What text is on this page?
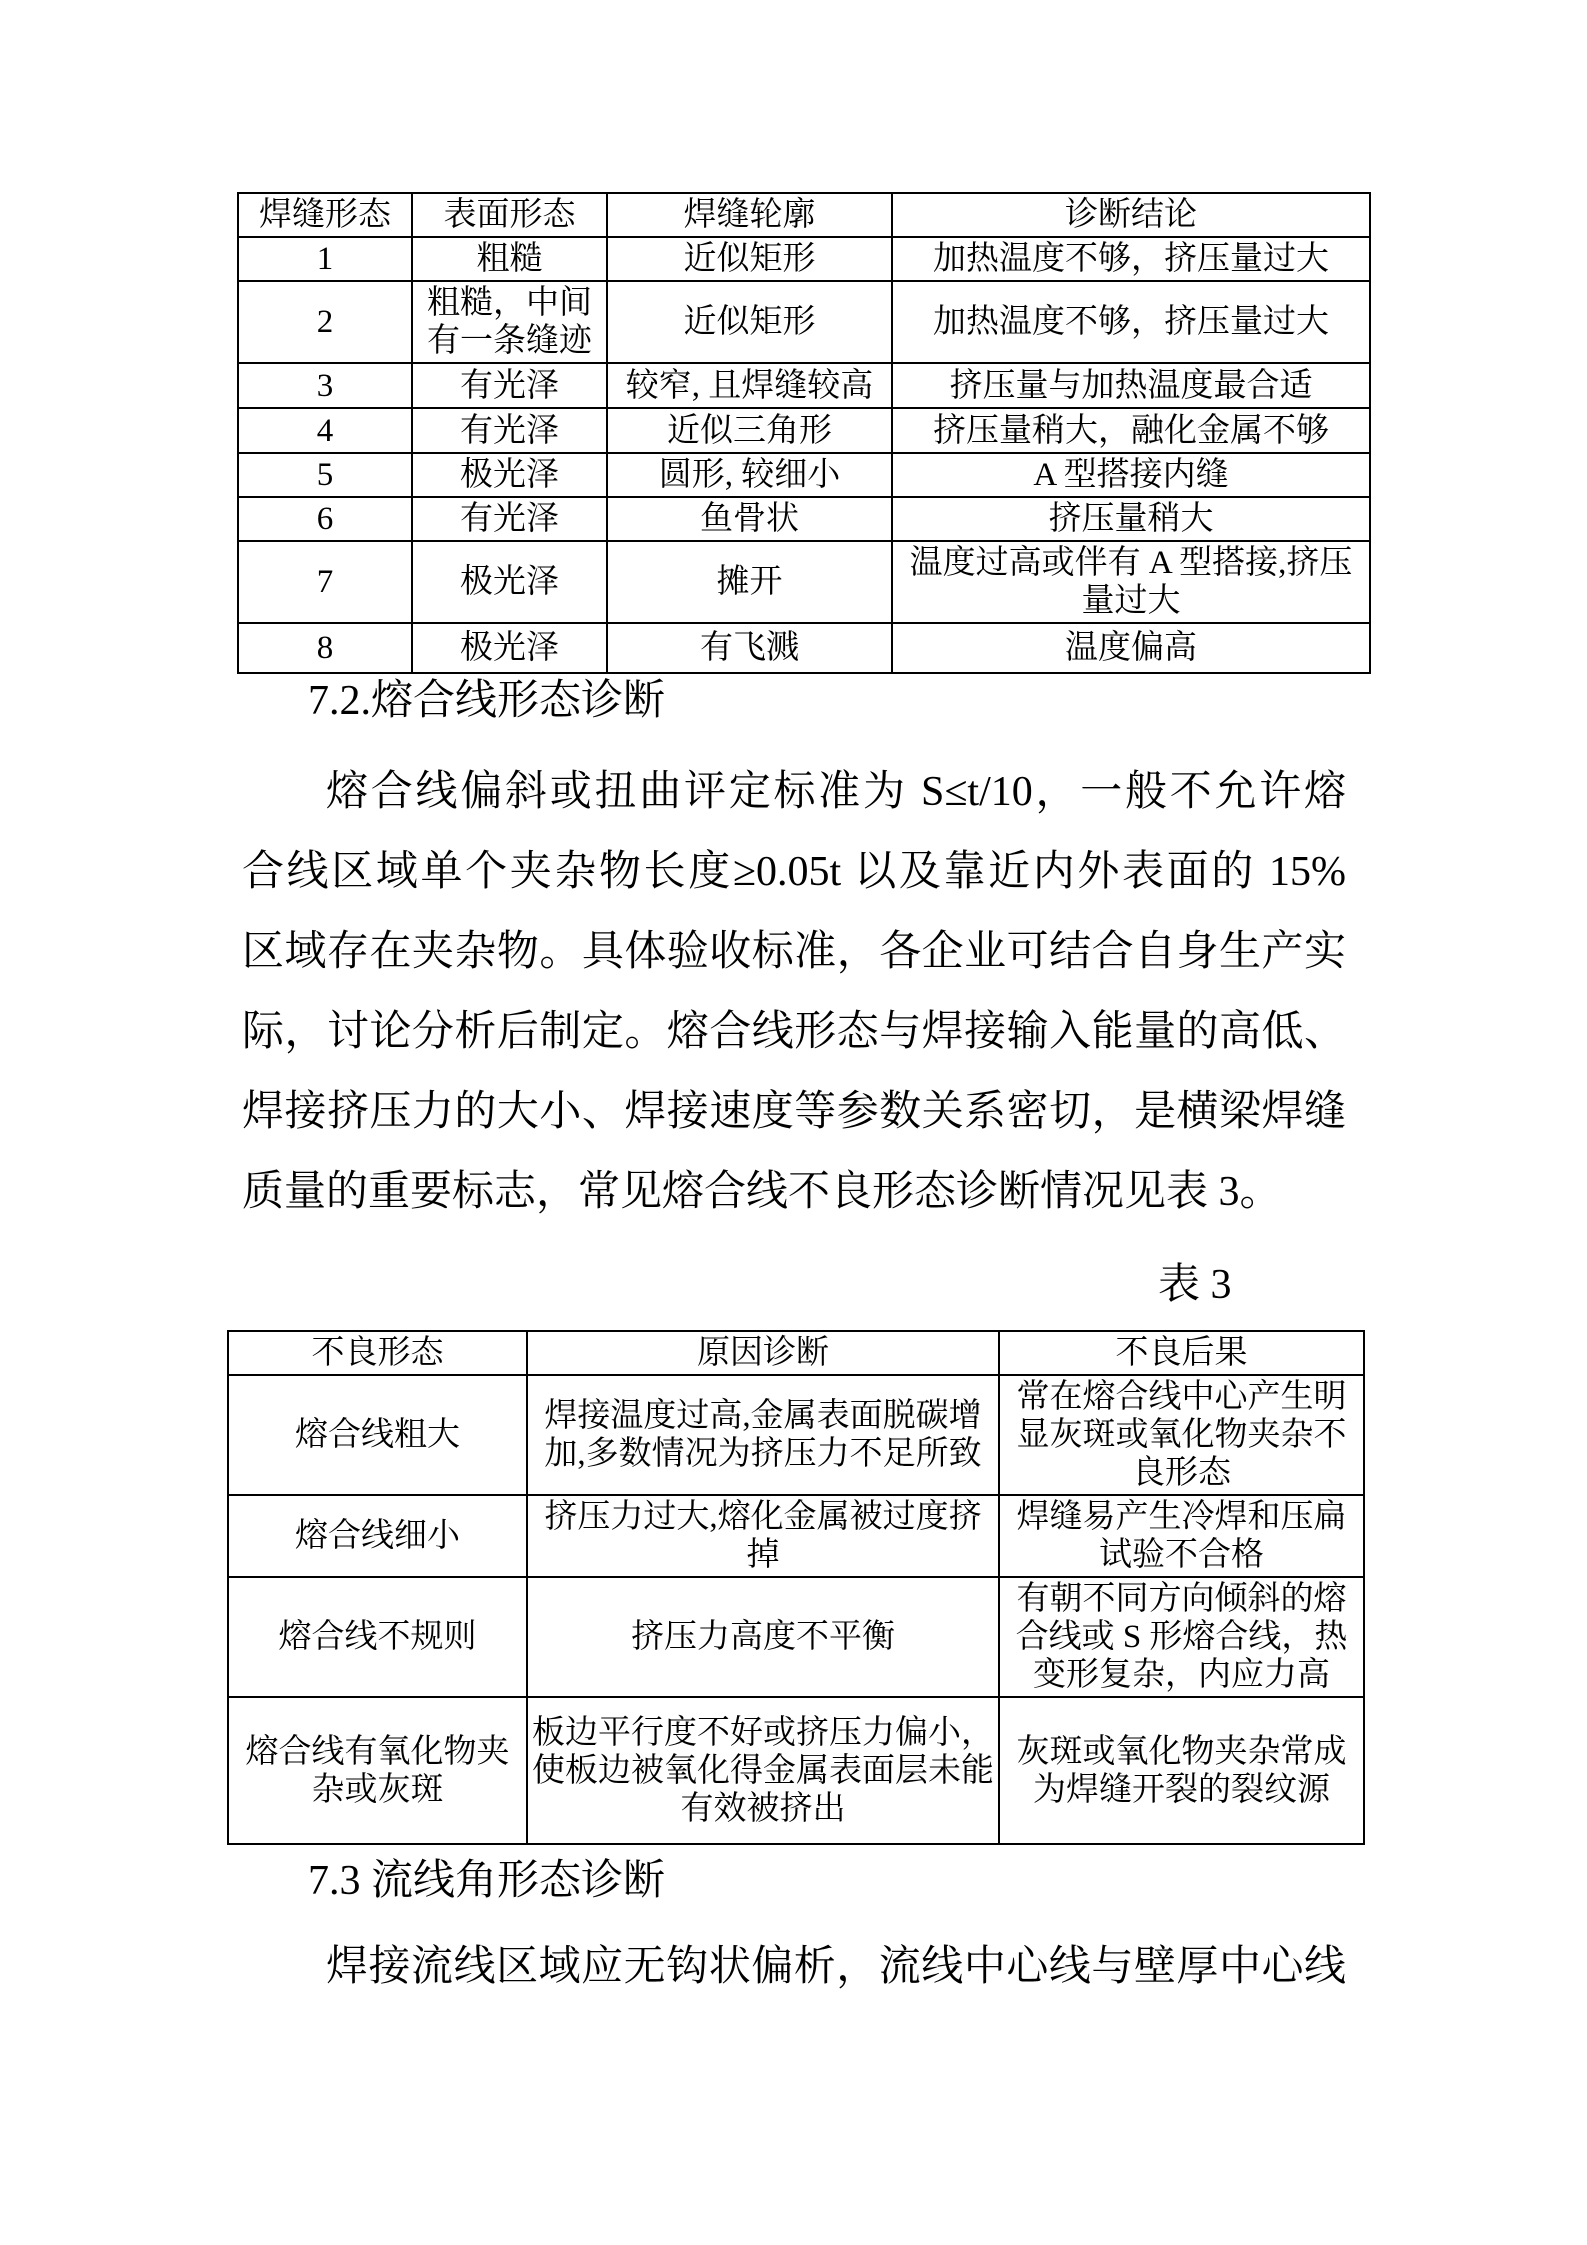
焊缝形态	表面形态	焊缝轮廓	诊断结论
1	粗糙	近似矩形	加热温度不够，挤压量过大
2	粗糙，中间有一条缝迹	近似矩形	加热温度不够，挤压量过大
3	有光泽	较窄, 且焊缝较高	挤压量与加热温度最合适
4	有光泽	近似三角形	挤压量稍大，融化金属不够
5	极光泽	圆形, 较细小	A 型搭接内缝
6	有光泽	鱼骨状	挤压量稍大
7	极光泽	摊开	温度过高或伴有 A 型搭接,挤压量过大
8	极光泽	有飞溅	温度偏高
7.2.熔合线形态诊断
熔合线偏斜或扭曲评定标准为 S≤t/10，一般不允许熔
合线区域单个夹杂物长度≥0.05t 以及靠近内外表面的 15%
区域存在夹杂物。具体验收标准，各企业可结合自身生产实
际，讨论分析后制定。熔合线形态与焊接输入能量的高低、
焊接挤压力的大小、焊接速度等参数关系密切，是横梁焊缝
质量的重要标志，常见熔合线不良形态诊断情况见表 3。
表 3
不良形态	原因诊断	不良后果
熔合线粗大	焊接温度过高,金属表面脱碳增加,多数情况为挤压力不足所致	常在熔合线中心产生明显灰斑或氧化物夹杂不良形态
熔合线细小	挤压力过大,熔化金属被过度挤掉	焊缝易产生冷焊和压扁试验不合格
熔合线不规则	挤压力高度不平衡	有朝不同方向倾斜的熔合线或 S 形熔合线，热变形复杂，内应力高
熔合线有氧化物夹杂或灰斑	板边平行度不好或挤压力偏小，使板边被氧化得金属表面层未能有效被挤出	灰斑或氧化物夹杂常成为焊缝开裂的裂纹源
7.3 流线角形态诊断
焊接流线区域应无钩状偏析，流线中心线与壁厚中心线
